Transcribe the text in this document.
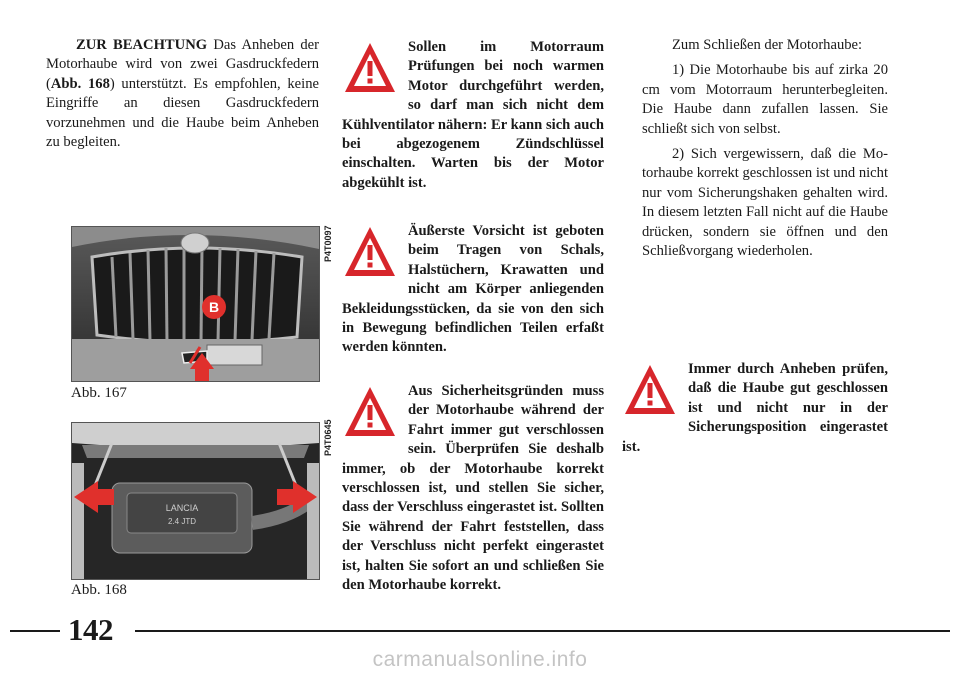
ZUR BEACHTUNG Das Anheben der Motorhaube wird von zwei Gasdruckfedern (Abb. 168) unterstützt. Es empfohlen, keine Eingriffe an diesen Gasdruckfedern vorzunehmen und die Haube beim Anheben zu begleiten.

B
P4T0097
Abb. 167
LANCIA
2.4 JTD
P4T0645
Abb. 168
Sollen im Motorraum Prüfungen bei noch warmen Motor durchgeführt werden, so darf man sich nicht dem Kühlventilator nähern: Er kann sich auch bei abgezogenem Zündschlüssel einschalten. Warten bis der Motor abgekühlt ist.
Äußerste Vorsicht ist geboten beim Tragen von Schals, Halstüchern, Krawatten und nicht am Körper anliegenden Bekleidungsstücken, da sie von den sich in Bewegung befindlichen Teilen erfaßt werden könnten.
Aus Sicherheitsgründen muss der Motorhaube während der Fahrt immer gut verschlossen sein. Überprüfen Sie deshalb immer, ob der Motorhaube korrekt verschlossen ist, und stellen Sie sicher, dass der Verschluss eingerastet ist. Sollten Sie während der Fahrt feststellen, dass der Verschluss nicht perfekt eingerastet ist, halten Sie sofort an und schließen Sie den Motorhaube korrekt.

Zum Schließen der Motorhaube:

1) Die Motorhaube bis auf zirka 20 cm vom Motorraum herunterbegleiten. Die Haube dann zufallen lassen. Sie schließt sich von selbst.

2) Sich vergewissern, daß die Motorhaube korrekt geschlossen ist und nicht nur vom Sicherungshaken gehalten wird. In diesem letzten Fall nicht auf die Haube drücken, sondern sie öffnen und den Schließvorgang wiederholen.

Immer durch Anheben prüfen, daß die Haube gut geschlossen ist und nicht nur in der Sicherungsposition eingerastet ist.
142
carmanualsonline.info
